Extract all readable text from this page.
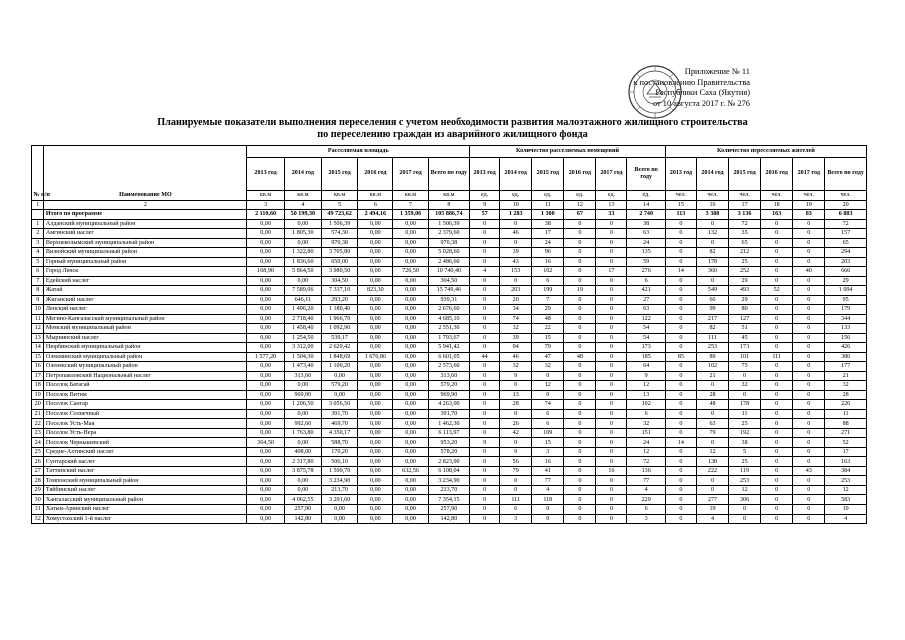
Приложение № 11
к постановлению Правительства
Республики Саха (Якутия)
от 10 августа 2017 г. № 276
Планируемые показатели выполнения переселения с учетом необходимости развития малоэтажного жилищного строительства
по переселению граждан из аварийного жилищного фонда
№ п/п	Наименование МО	Расселяемая площадь						Количество расселяемых помещений						Количество переселяемых жителей					
		2013 год	2014 год	2015 год	2016 год	2017 год	Всего по году	2013 год	2014 год	2015 год	2016 год	2017 год	Всего по году	2013 год	2014 год	2015 год	2016 год	2017 год	Всего по году
		кв.м	кв.м	кв.м	кв.м	кв.м	кв.м	ед.	ед.	ед.	ед.	ед.	ед.	чел.	чел.	чел.	чел.	чел.	чел.
1	2	3	4	5	6	7	8	9	10	11	12	13	14	15	16	17	18	19	20
	Итого по программе	2 110,60	50 199,30	49 723,62	2 494,16	1 359,06	105 886,74	57	1 283	1 300	67	33	2 740	113	3 388	3 136	163	83	6 883
1	Алданский муниципальный район	0,00	0,00	1 506,39	0,00	0,00	1 506,39	0	0	38	0	0	38	0	0	72	0	0	72
2	Амгинский наслег	0,00	1 805,30	574,30	0,00	0,00	2 379,60	0	46	17	0	0	63	0	132	35	0	0	157
3	Верхнеколымский муниципальный район	0,00	0,00	970,38	0,00	0,00	970,38	0	0	24	0	0	24	0	0	65	0	0	65
4	Вилюйский муниципальный район	0,00	1 322,80	3 705,80	0,00	0,00	5 028,60	0	39	96	0	0	135	0	82	212	0	0	294
5	Горный муниципальный район	0,00	1 836,60	650,00	0,00	0,00	2 486,60	0	43	16	0	0	59	0	178	25	0	0	203
6	Город Ленск	168,90	5 864,50	3 980,50	0,00	726,50	10 740,40	4	153	102	0	17	276	14	360	252	0	40	666
7	Едейский наслег	0,00	0,00	304,50	0,00	0,00	304,50	0	0	6	0	0	6	0	0	29	0	0	29
8	Жатай	0,00	7 589,06	7 337,10	823,30	0,00	15 749,46	0	203	199	19	0	421	0	549	493	52	0	1 094
9	Жиганский наслег	0,00	646,11	293,20	0,00	0,00	939,31	0	20	7	0	0	27	0	66	29	0	0	95
10	Ленский наслег	0,00	1 496,20	1 180,40	0,00	0,00	2 676,60	0	34	29	0	0	63	0	99	80	0	0	179
11	Мегино-Кангаласский муниципальный район	0,00	2 718,40	1 966,70	0,00	0,00	4 685,10	0	74	48	0	0	122	0	217	127	0	0	344
12	Момский муниципальный район	0,00	1 458,40	1 092,90	0,00	0,00	2 551,30	0	32	22	0	0	54	0	82	51	0	0	133
13	Мырнинский наслег	0,00	1 254,50	539,17	0,00	0,00	1 793,67	0	39	15	0	0	54	0	111	45	0	0	156
14	Нюрбинский муниципальный район	0,00	3 312,00	2 629,42	0,00	0,00	5 941,42	0	94	79	0	0	173	0	253	173	0	0	426
15	Олекминский муниципальный район	1 577,20	1 504,30	1 848,69	1 670,86	0,00	6 601,05	44	46	47	48	0	185	85	89	101	111	0	386
16	Оленекский муниципальный район	0,00	1 473,40	1 100,20	0,00	0,00	2 573,60	0	32	32	0	0	64	0	102	75	0	0	177
17	Петропавловский Национальный наслег	0,00	313,60	0,00	0,00	0,00	313,60	0	9	0	0	0	9	0	21	0	0	0	21
18	Поселок Батагай	0,00	0,00	579,20	0,00	0,00	579,20	0	0	12	0	0	12	0	0	32	0	0	32
19	Поселок Витим	0,00	969,90	0,00	0,00	0,00	969,90	0	13	0	0	0	13	0	28	0	0	0	28
20	Поселок Сангар	0,00	1 206,50	3 056,50	0,00	0,00	4 263,00	0	28	74	0	0	102	0	48	178	0	0	226
21	Поселок Солнечный	0,00	0,00	391,70	0,00	0,00	391,70	0	0	6	0	0	6	0	0	11	0	0	11
22	Поселок Усть-Мая	0,00	992,60	469,70	0,00	0,00	1 462,30	0	26	6	0	0	32	0	63	25	0	0	88
23	Поселок Усть-Нера	0,00	1 763,80	4 350,17	0,00	0,00	6 113,97	0	42	109	0	0	151	0	79	192	0	0	271
24	Поселок Чернышевский	364,50	0,00	588,70	0,00	0,00	953,20	9	0	15	0	0	24	14	0	38	0	0	52
25	Средне-Ахтинский наслег	0,00	408,00	170,20	0,00	0,00	578,20	0	9	3	0	0	12	0	12	5	0	0	17
26	Сунтарский наслег	0,00	2 317,80	506,10	0,00	0,00	2 823,90	0	56	16	0	0	72	0	138	25	0	0	163
27	Таттинский наслег	0,00	3 875,78	1 599,70	0,00	632,56	6 108,04	0	79	41	0	16	136	0	222	119	0	43	384
28	Томпонский муниципальный район	0,00	0,00	3 234,90	0,00	0,00	3 234,90	0	0	77	0	0	77	0	0	253	0	0	253
29	Тяйбинский наслег	0,00	0,00	213,70	0,00	0,00	213,70	0	0	4	0	0	4	0	0	12	0	0	12
30	Хангаласский муниципальный район	0,00	4 062,55	3 291,60	0,00	0,00	7 354,15	0	111	118	0	0	229	0	277	306	0	0	583
31	Хатын-Аринский наслег	0,00	257,90	0,00	0,00	0,00	257,90	0	6	0	0	0	6	0	19	0	0	0	19
32	Хомустахский 1-й наслег	0,00	142,80	0,00	0,00	0,00	142,80	0	3	0	0	0	3	0	4	0	0	0	4
